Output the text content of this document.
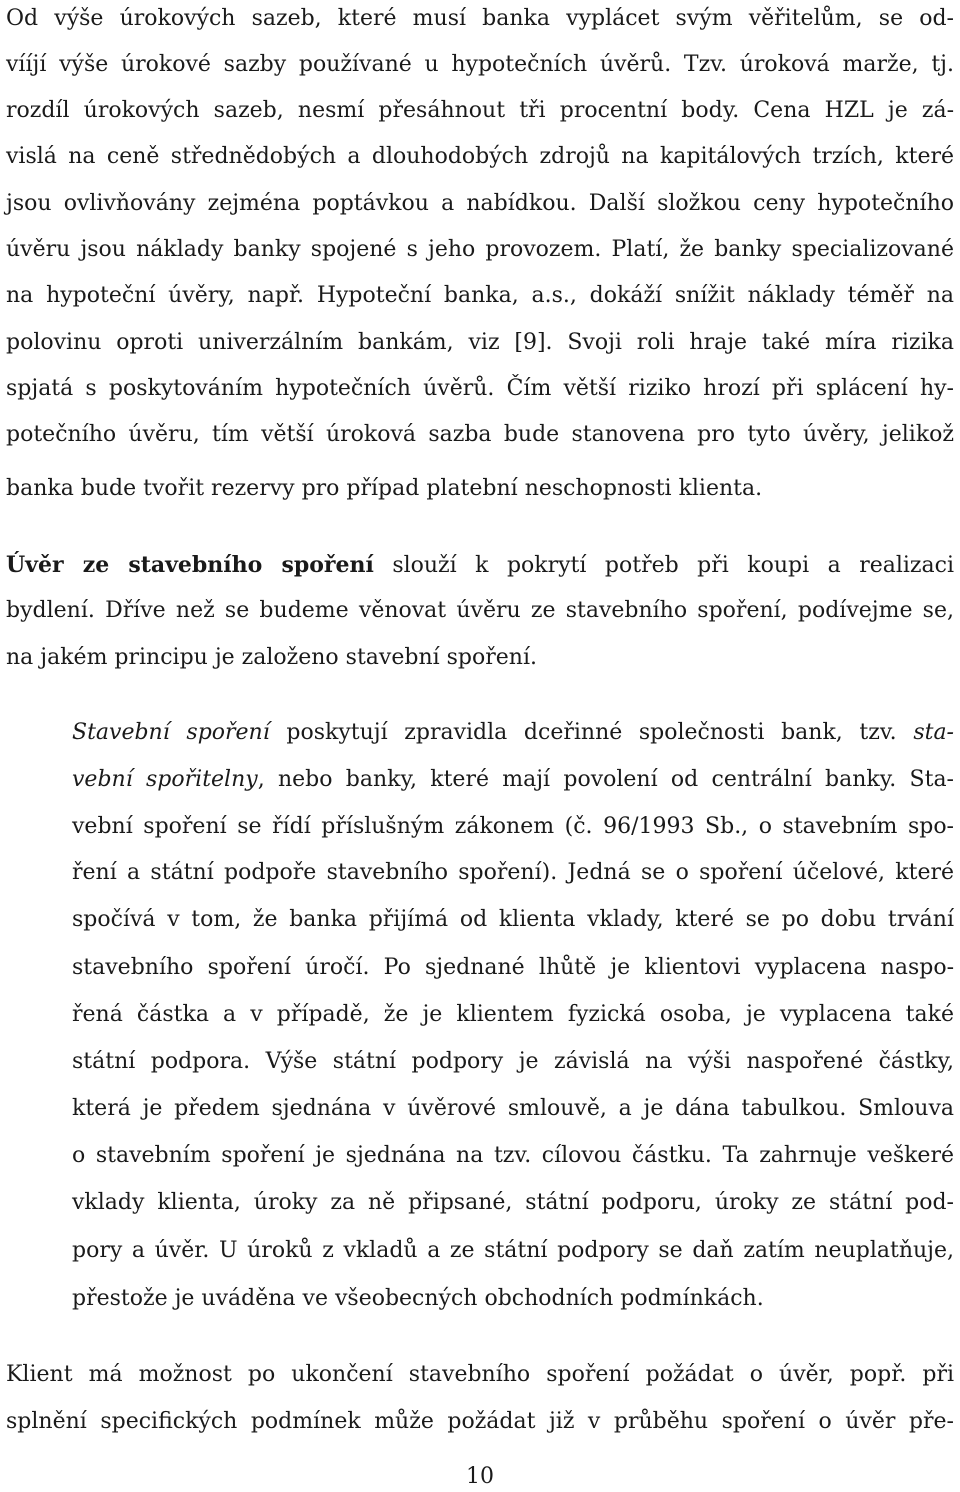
Od výše úrokových sazeb, které musí banka vyplácet svým věřitelům, se od-
vííjí výše úrokové sazby používané u hypotečních úvěrů. Tzv. úroková marže, tj.
rozdíl úrokových sazeb, nesmí přesáhnout tři procentní body. Cena HZL je zá-
vislá na ceně střednědobých a dlouhodobých zdrojů na kapitálových trzích, které
jsou ovlivňovány zejména poptávkou a nabídkou. Další složkou ceny hypotečního
úvěru jsou náklady banky spojené s jeho provozem. Platí, že banky specializované
na hypoteční úvěry, např. Hypoteční banka, a.s., dokáží snížit náklady téměř na
polovinu oproti univerzálním bankám, viz [9]. Svoji roli hraje také míra rizika
spjatá s poskytováním hypotečních úvěrů. Čím větší riziko hrozí při splácení hy-
potečního úvěru, tím větší úroková sazba bude stanovena pro tyto úvěry, jelikož
banka bude tvořit rezervy pro případ platební neschopnosti klienta.
Úvěr ze stavebního spoření slouží k pokrytí potřeb při koupi a realizaci
bydlení. Dříve než se budeme věnovat úvěru ze stavebního spoření, podívejme se,
na jakém principu je založeno stavební spoření.
Stavební spoření poskytují zpravidla dceřinné společnosti bank, tzv. sta-
vební spořitelny, nebo banky, které mají povolení od centrální banky. Sta-
vební spoření se řídí příslušným zákonem (č. 96/1993 Sb., o stavebním spo-
ření a státní podpoře stavebního spoření). Jedná se o spoření účelové, které
spočívá v tom, že banka přijímá od klienta vklady, které se po dobu trvání
stavebního spoření úročí. Po sjednané lhůtě je klientovi vyplacena naspo-
řená částka a v případě, že je klientem fyzická osoba, je vyplacena také
státní podpora. Výše státní podpory je závislá na výši naspořené částky,
která je předem sjednána v úvěrové smlouvě, a je dána tabulkou. Smlouva
o stavebním spoření je sjednána na tzv. cílovou částku. Ta zahrnuje veškeré
vklady klienta, úroky za ně připsané, státní podporu, úroky ze státní pod-
pory a úvěr. U úroků z vkladů a ze státní podpory se daň zatím neuplatňuje,
přestože je uváděna ve všeobecných obchodních podmínkách.
Klient má možnost po ukončení stavebního spoření požádat o úvěr, popř. při
splnění specifických podmínek může požádat již v průběhu spoření o úvěr pře-
10
